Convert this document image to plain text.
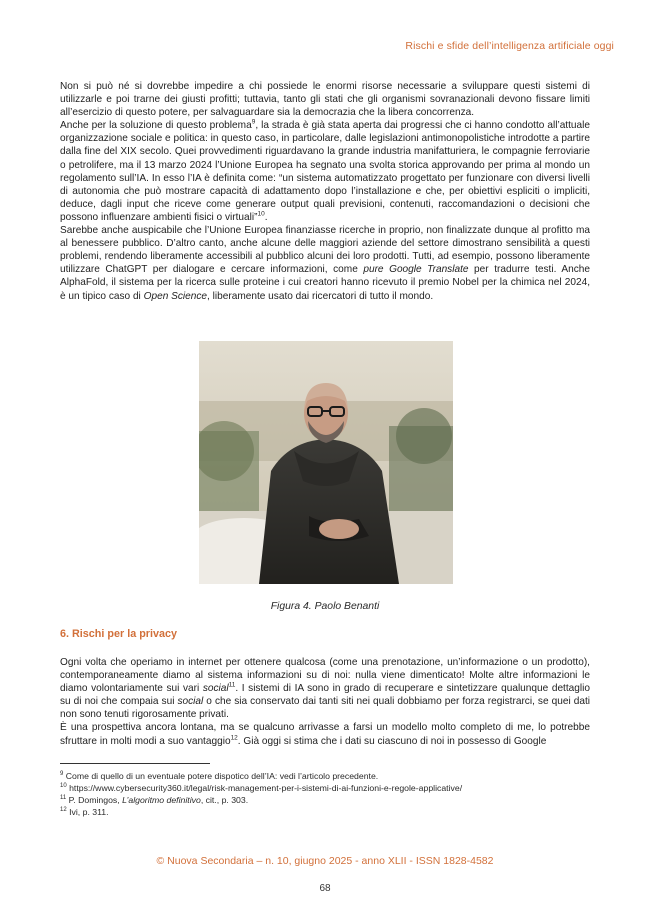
Rischi e sfide dell’intelligenza artificiale oggi

Non si può né si dovrebbe impedire a chi possiede le enormi risorse necessarie a sviluppare questi sistemi di utilizzarle e poi trarne dei giusti profitti; tuttavia, tanto gli stati che gli organismi sovranazionali devono fissare limiti all’esercizio di questo potere, per salvaguardare sia la democrazia che la libera concorrenza.

Anche per la soluzione di questo problema$^9$, la strada è già stata aperta dai progressi che ci hanno condotto all’attuale organizzazione sociale e politica: in questo caso, in particolare, dalle legislazioni antimonopolistiche introdotte a partire dalla fine del XIX secolo. Quei provvedimenti riguardavano la grande industria manifatturiera, le compagnie ferroviarie o petrolifere, ma il 13 marzo 2024 l’Unione Europea ha segnato una svolta storica approvando per prima al mondo un regolamento sull’IA. In esso l’IA è definita come: “un sistema automatizzato progettato per funzionare con diversi livelli di autonomia che può mostrare capacità di adattamento dopo l’installazione e che, per obiettivi espliciti o impliciti, deduce, dagli input che riceve come generare output quali previsioni, contenuti, raccomandazioni o decisioni che possono influenzare ambienti fisici o virtuali”$^{10}$.

Sarebbe anche auspicabile che l’Unione Europea finanziasse ricerche in proprio, non finalizzate dunque al profitto ma al benessere pubblico. D’altro canto, anche alcune delle maggiori aziende del settore dimostrano sensibilità a questi problemi, rendendo liberamente accessibili al pubblico alcuni dei loro prodotti. Tutti, ad esempio, possono liberamente utilizzare ChatGPT per dialogare e cercare informazioni, come pure Google Translate per tradurre testi. Anche AlphaFold, il sistema per la ricerca sulle proteine i cui creatori hanno ricevuto il premio Nobel per la chimica nel 2024, è un tipico caso di Open Science, liberamente usato dai ricercatori di tutto il mondo.

Figura 4. Paolo Benanti
6. Rischi per la privacy

Ogni volta che operiamo in internet per ottenere qualcosa (come una prenotazione, un’informazione o un prodotto), contemporaneamente diamo al sistema informazioni su di noi: nulla viene dimenticato! Molte altre informazioni le diamo volontariamente sui vari social$^{11}$. I sistemi di IA sono in grado di recuperare e sintetizzare qualunque dettaglio su di noi che compaia sui social o che sia conservato dai tanti siti nei quali dobbiamo per forza registrarci, se quei dati non sono tenuti rigorosamente privati.

È una prospettiva ancora lontana, ma se qualcuno arrivasse a farsi un modello molto completo di me, lo potrebbe sfruttare in molti modi a suo vantaggio$^{12}$. Già oggi si stima che i dati su ciascuno di noi in possesso di Google

$^9$ Come di quello di un eventuale potere dispotico dell’IA: vedi l’articolo precedente.
$^{10}$ https://www.cybersecurity360.it/legal/risk-management-per-i-sistemi-di-ai-funzioni-e-regole-applicative/
$^{11}$ P. Domingos, L’algoritmo definitivo, cit., p. 303.
$^{12}$ Ivi, p. 311.
© Nuova Secondaria – n. 10, giugno 2025 - anno XLII - ISSN 1828-4582
68
